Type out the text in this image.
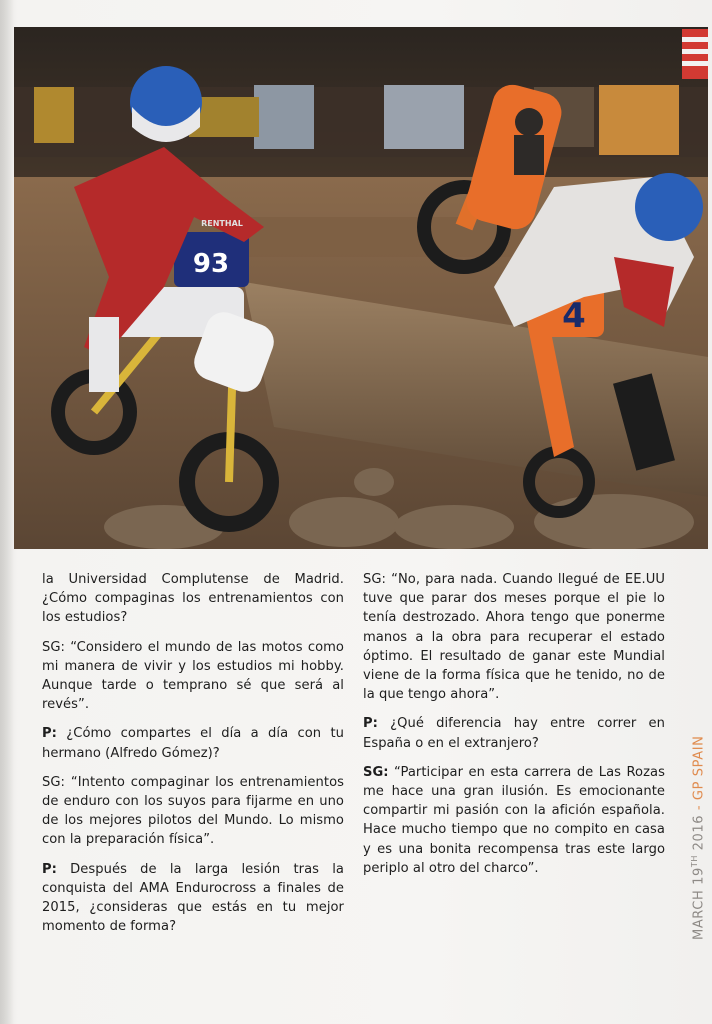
93
RENTHAL
4

la Universidad Complutense de Madrid. ¿Cómo compaginas los entrenamientos con los estudios?

SG: “Considero el mundo de las motos como mi manera de vivir y los estudios mi hobby. Aunque tarde o temprano sé que será al revés”.

P: ¿Cómo compartes el día a día con tu hermano (Alfredo Gómez)?

SG: “Intento compaginar los entrenamientos de enduro con los suyos para fijarme en uno de los mejores pilotos del Mundo. Lo mismo con la preparación física”.

P: Después de la larga lesión tras la conquista del AMA Endurocross a finales de 2015, ¿consideras que estás en tu mejor momento de forma?

SG: “No, para nada. Cuando llegué de EE.UU tuve que parar dos meses porque el pie lo tenía destrozado. Ahora tengo que ponerme manos a la obra para recuperar el estado óptimo. El resultado de ganar este Mundial viene de la forma física que he tenido, no de la que tengo ahora”.

P: ¿Qué diferencia hay entre correr en España o en el extranjero?

SG: “Participar en esta carrera de Las Rozas me hace una gran ilusión. Es emocionante compartir mi pasión con la afición española. Hace mucho tiempo que no compito en casa y es una bonita recompensa tras este largo periplo al otro del charco”.	MARCH 19TH 2016 - GP SPAIN
